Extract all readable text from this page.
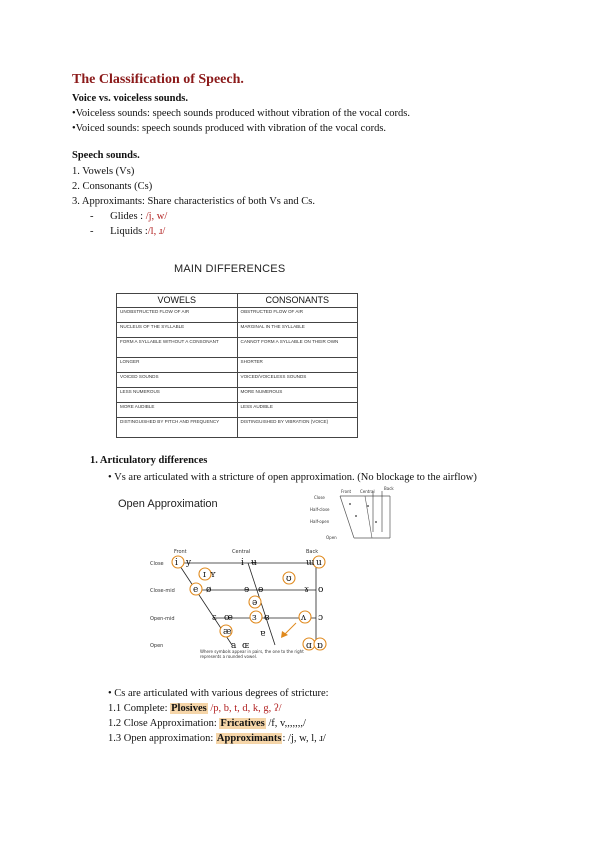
The Classification of Speech.
Voice vs. voiceless sounds.
•Voiceless sounds: speech sounds produced without vibration of the vocal cords.
•Voiced sounds: speech sounds produced with vibration of the vocal cords.
Speech sounds.
1. Vowels (Vs)
2. Consonants (Cs)
3. Approximants: Share characteristics of both Vs and Cs.
- Glides : /j, w/
- Liquids :/l, ɹ/
MAIN DIFFERENCES
VOWELS	CONSONANTS
UNOBSTRUCTED FLOW OF AIR	OBSTRUCTED FLOW OF AIR
NUCLEUS OF THE SYLLABLE	MARGINAL IN THE SYLLABLE
FORM A SYLLABLE WITHOUT A CONSONANT	CANNOT FORM A SYLLABLE ON THEIR OWN
LONGER	SHORTER
VOICED SOUNDS	VOICED/VOICELESS SOUNDS
LESS NUMEROUS	MORE NUMEROUS
MORE AUDIBLE	LESS AUDIBLE
DISTINGUISHED BY PITCH AND FREQUENCY	DISTINGUISHED BY VIBRATION (VOICE)
1. Articulatory differences
• Vs are articulated with a stricture of open approximation. (No blockage to the airflow)
Open Approximation
Front Central
Back
Close
Half-close
Half-open
Open
Front	Central	Back
Close
Close-mid
Open-mid
Open
i y	ɨ ʉ	ɯ u
ɪ ʏ	ʊ
e ø	ɘ ɵ	ɤ o
ə
ɛ œ ɜ ɞ	ʌ ɔ
æ	ɐ
a ɶ	ɑ ɒ
Where symbols appear in pairs, the one to the right represents a rounded vowel.
• Cs are articulated with various degrees of stricture:
1.1 Complete: Plosives /p, b, t, d, k, g, ʔ/
1.2 Close Approximation: Fricatives /f, v,,,,,,,/
1.3 Open approximation: Approximants: /j, w, l, ɹ/
